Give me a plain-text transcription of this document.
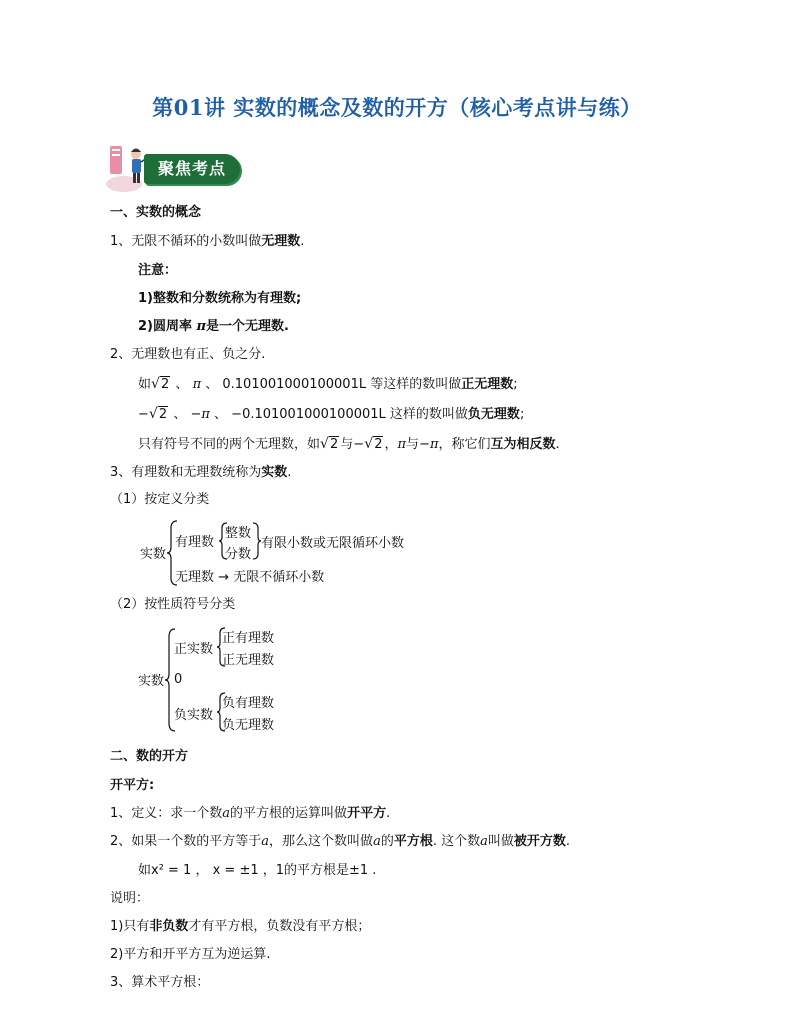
第01讲 实数的概念及数的开方（核心考点讲与练）
聚焦考点
一、实数的概念
1、无限不循环的小数叫做无理数.
注意：
1)整数和分数统称为有理数;
2)圆周率 π是一个无理数.
2、无理数也有正、负之分.
如 √ 2 、 π 、 0.101001000100001L 等这样的数叫做正无理数;
− √ 2 、 −π 、 −0.101001000100001L 这样的数叫做负无理数;
只有符号不同的两个无理数，如 √ 2 与− √ 2 ，π与−π，称它们互为相反数.
3、有理数和无理数统称为实数.
（1）按定义分类
实数
有理数
整数
分数
有限小数或无限循环小数
无理数 → 无限不循环小数
（2）按性质符号分类
实数
正实数
正有理数
正无理数
0
负实数
负有理数
负无理数
二、数的开方
开平方:
1、定义：求一个数a的平方根的运算叫做开平方.
2、如果一个数的平方等于a，那么这个数叫做a的平方根. 这个数a叫做被开方数.
如x² = 1 ， x = ±1 ，1的平方根是±1 .
说明：
1)只有非负数才有平方根，负数没有平方根；
2)平方和开平方互为逆运算.
3、算术平方根：
